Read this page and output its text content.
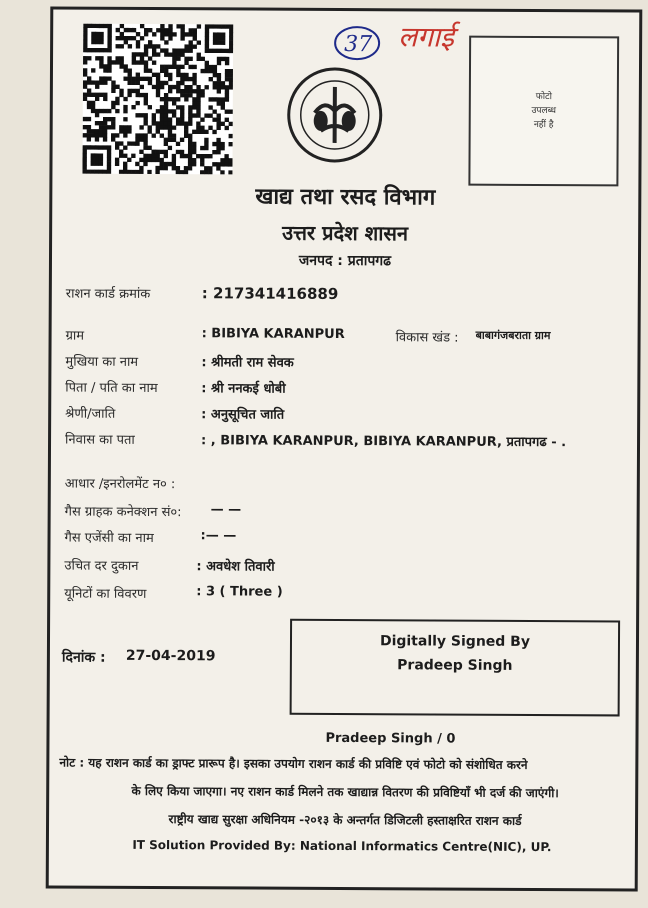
37 लगाई
फोटो
उपलब्ध
नहीं है
खाद्य तथा रसद विभाग
उत्तर प्रदेश शासन
जनपद : प्रतापगढ
राशन कार्ड क्रमांक	: 217341416889
ग्राम	: BIBIYA KARANPUR	विकास खंड : बाबागंजबराता ग्राम
मुखिया का नाम	: श्रीमती राम सेवक
पिता / पति का नाम	: श्री ननकई धोबी
श्रेणी/जाति	: अनुसूचित जाति
निवास का पता	: , BIBIYA KARANPUR, BIBIYA KARANPUR, प्रतापगढ - .
आधार /इनरोलमेंट न० :
गैस ग्राहक कनेक्शन सं०: — —
गैस एजेंसी का नाम	:— —
उचित दर दुकान	: अवधेश तिवारी
यूनिटों का विवरण	: 3 ( Three )
दिनांक : 27-04-2019
Digitally Signed By
Pradeep Singh
Pradeep Singh / 0
नोट : यह राशन कार्ड का ड्राफ्ट प्रारूप है। इसका उपयोग राशन कार्ड की प्रविष्टि एवं फोटो को संशोधित करने
के लिए किया जाएगा। नए राशन कार्ड मिलने तक खाद्यान्न वितरण की प्रविष्टियाँ भी दर्ज की जाएंगी।
राष्ट्रीय खाद्य सुरक्षा अधिनियम -२०१३ के अन्तर्गत डिजिटली हस्ताक्षरित राशन कार्ड
IT Solution Provided By: National Informatics Centre(NIC), UP.
